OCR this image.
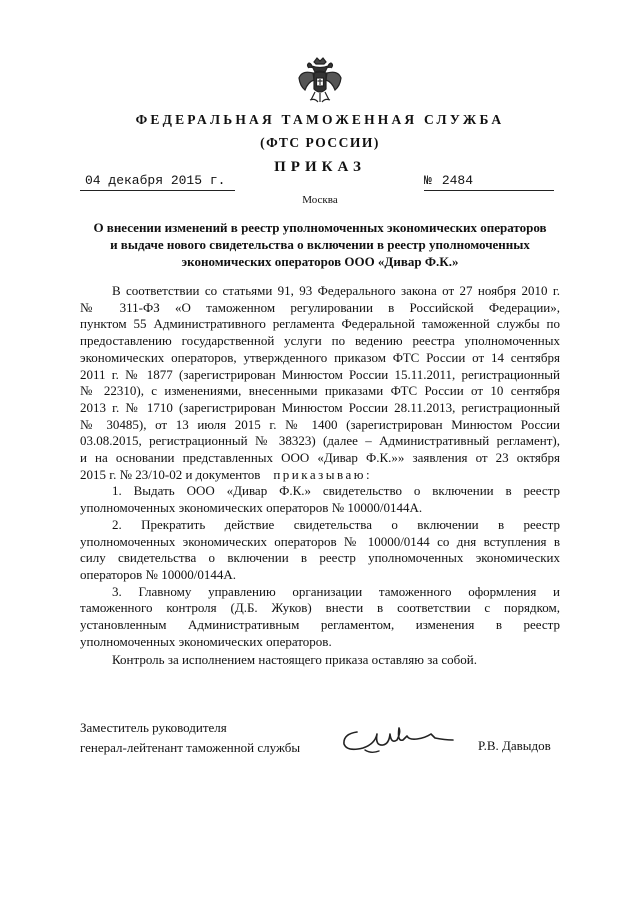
ФЕДЕРАЛЬНАЯ ТАМОЖЕННАЯ СЛУЖБА
(ФТС РОССИИ)
ПРИКАЗ
04 декабря 2015 г.	№ 2484
Москва
О внесении изменений в реестр уполномоченных экономических операторов
и выдаче нового свидетельства о включении в реестр уполномоченных
экономических операторов ООО «Дивар Ф.К.»
В соответствии со статьями 91, 93 Федерального закона от 27 ноября 2010 г.
№ 311-ФЗ «О таможенном регулировании в Российской Федерации»,
пунктом 55 Административного регламента Федеральной таможенной службы по
предоставлению государственной услуги по ведению реестра уполномоченных
экономических операторов, утвержденного приказом ФТС России от 14 сентября
2011 г. № 1877 (зарегистрирован Минюстом России 15.11.2011, регистрационный
№ 22310), с изменениями, внесенными приказами ФТС России от 10 сентября
2013 г. № 1710 (зарегистрирован Минюстом России 28.11.2013, регистрационный
№ 30485), от 13 июля 2015 г. № 1400 (зарегистрирован Минюстом России
03.08.2015, регистрационный № 38323) (далее – Административный регламент),
и на основании представленных ООО «Дивар Ф.К.»» заявления от 23 октября
2015 г. № 23/10-02 и документов приказываю:
1. Выдать ООО «Дивар Ф.К.» свидетельство о включении в реестр
уполномоченных экономических операторов № 10000/0144А.
2. Прекратить действие свидетельства о включении в реестр
уполномоченных экономических операторов № 10000/0144 со дня вступления в
силу свидетельства о включении в реестр уполномоченных экономических
операторов № 10000/0144А.
3. Главному управлению организации таможенного оформления и
таможенного контроля (Д.Б. Жуков) внести в соответствии с порядком,
установленным Административным регламентом, изменения в реестр
уполномоченных экономических операторов.
Контроль за исполнением настоящего приказа оставляю за собой.
Заместитель руководителя
генерал-лейтенант таможенной службы	Р.В. Давыдов
